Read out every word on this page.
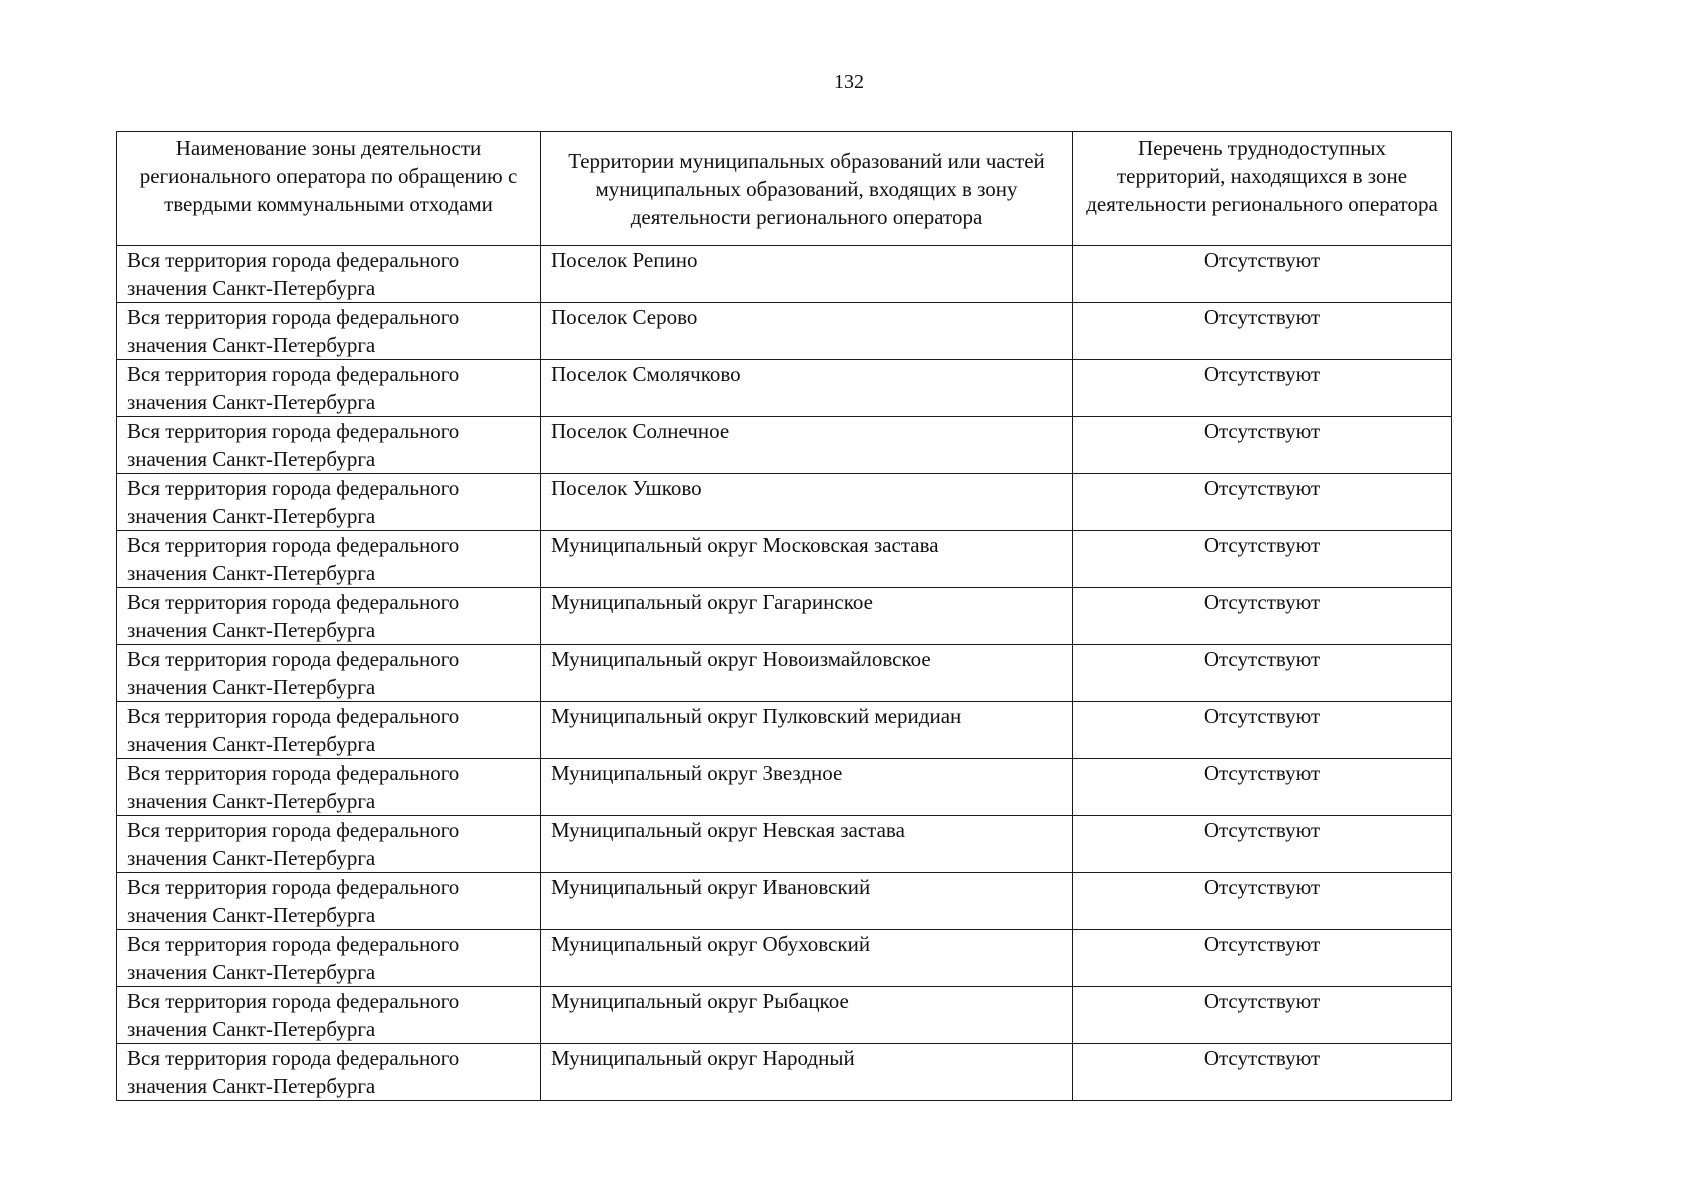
132
Наименование зоны деятельности регионального оператора по обращению с твердыми коммунальными отходами	Территории муниципальных образований или частей муниципальных образований, входящих в зону деятельности регионального оператора	Перечень труднодоступных территорий, находящихся в зоне деятельности регионального оператора
Вся территория города федерального значения Санкт-Петербурга	Поселок Репино	Отсутствуют
Вся территория города федерального значения Санкт-Петербурга	Поселок Серово	Отсутствуют
Вся территория города федерального значения Санкт-Петербурга	Поселок Смолячково	Отсутствуют
Вся территория города федерального значения Санкт-Петербурга	Поселок Солнечное	Отсутствуют
Вся территория города федерального значения Санкт-Петербурга	Поселок Ушково	Отсутствуют
Вся территория города федерального значения Санкт-Петербурга	Муниципальный округ Московская застава	Отсутствуют
Вся территория города федерального значения Санкт-Петербурга	Муниципальный округ Гагаринское	Отсутствуют
Вся территория города федерального значения Санкт-Петербурга	Муниципальный округ Новоизмайловское	Отсутствуют
Вся территория города федерального значения Санкт-Петербурга	Муниципальный округ Пулковский меридиан	Отсутствуют
Вся территория города федерального значения Санкт-Петербурга	Муниципальный округ Звездное	Отсутствуют
Вся территория города федерального значения Санкт-Петербурга	Муниципальный округ Невская застава	Отсутствуют
Вся территория города федерального значения Санкт-Петербурга	Муниципальный округ Ивановский	Отсутствуют
Вся территория города федерального значения Санкт-Петербурга	Муниципальный округ Обуховский	Отсутствуют
Вся территория города федерального значения Санкт-Петербурга	Муниципальный округ Рыбацкое	Отсутствуют
Вся территория города федерального значения Санкт-Петербурга	Муниципальный округ Народный	Отсутствуют
